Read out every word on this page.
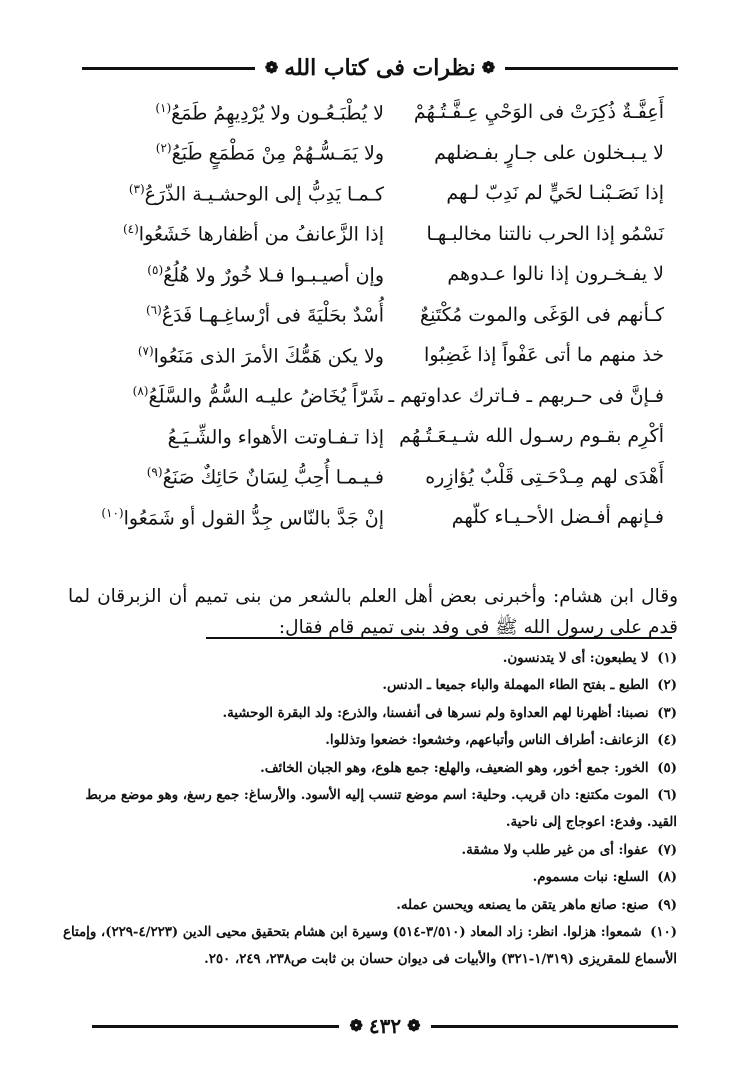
❁
نظرات فى كتاب الله
❁
أَعِفَّـةٌ ذُكِرَتْ فى الوَحْيِ عِـفَّـتُـهُمْ
لا يُطْبَـعُـون ولا يُرْدِيهِمُ طَمَعُ$^{(١)}$
لا يـبـخلون على جـارٍ بفـضلهم
ولا يَمَـسُّـهُمْ مِنْ مَطْمَعٍ طَبَعُ$^{(٢)}$
إذا نَصَـبْنـا لحَيٍّ لم نَدِبّ لـهم
كـمـا يَدِبُّ إلى الوحشـيـة الذّرَعُ$^{(٣)}$
نَسْمُو إذا الحرب نالتنا مخالبـهـا
إذا الزَّعانفُ من أظفارها خَشَعُوا$^{(٤)}$
لا يفـخـرون إذا نالوا عـدوهم
وإن أصيـبـوا فـلا خُورٌ ولا هُلُعُ$^{(٥)}$
كـأنهم فى الوَغَى والموت مُكْتَنِعٌ
أُسْدٌ بحَلْيَةَ فى أرْساغِـهـا فَدَعُ$^{(٦)}$
خذ منهم ما أتى عَفْواً إذا غَضِبُوا
ولا يكن هَمُّكَ الأمرَ الذى مَنَعُوا$^{(٧)}$
فـإنَّ فى حـربهم ـ فـاترك عداوتهم ـ
شَرّاً يُخَاضُ عليـه السُّمُّ والسَّلَعُ$^{(٨)}$
أكْرِم بقـوم رسـول الله شـيـعَـتُـهُم
إذا تـفـاوتت الأهواء والشِّـيَـعُ
أَهْدَى لهم مِـدْحَـتِى قَلْبٌ يُؤازِره
فـيـمـا أُحِبُّ لِسَانٌ حَائِكٌ صَنَعُ$^{(٩)}$
فـإنهم أفـضل الأحـيـاء كلّهم
إنْ جَدَّ بالنّاس جِدُّ القول أو شَمَعُوا$^{(١٠)}$

وقال ابن هشام: وأخبرنى بعض أهل العلم بالشعر من بنى تميم أن الزبرقان لما قدم على رسول الله ﷺ فى وفد بنى تميم قام فقال:

(١) لا يطبعون: أى لا يتدنسون.
(٢) الطبع ـ بفتح الطاء المهملة والباء جميعا ـ الدنس.
(٣) نصبنا: أظهرنا لهم العداوة ولم نسرها فى أنفسنا، والذرع: ولد البقرة الوحشية.
(٤) الزعانف: أطراف الناس وأتباعهم، وخشعوا: خضعوا وتذللوا.
(٥) الخور: جمع أخور، وهو الضعيف، والهلع: جمع هلوع، وهو الجبان الخائف.
(٦) الموت مكتنع: دان قريب. وحلية: اسم موضع تنسب إليه الأسود. والأرساغ: جمع رسغ، وهو موضع مربط القيد. وفدع: اعوجاج إلى ناحية.
(٧) عفوا: أى من غير طلب ولا مشقة.
(٨) السلع: نبات مسموم.
(٩) صنع: صانع ماهر يتقن ما يصنعه ويحسن عمله.
(١٠) شمعوا: هزلوا. انظر: زاد المعاد (٣/٥١٠-٥١٤) وسيرة ابن هشام بتحقيق محيى الدين (٤/٢٢٣-٢٢٩)، وإمتاع الأسماع للمقريزى (١/٣١٩-٣٢١) والأبيات فى ديوان حسان بن ثابت ص٢٣٨، ٢٤٩، ٢٥٠.
❁
٤٣٢
❁
